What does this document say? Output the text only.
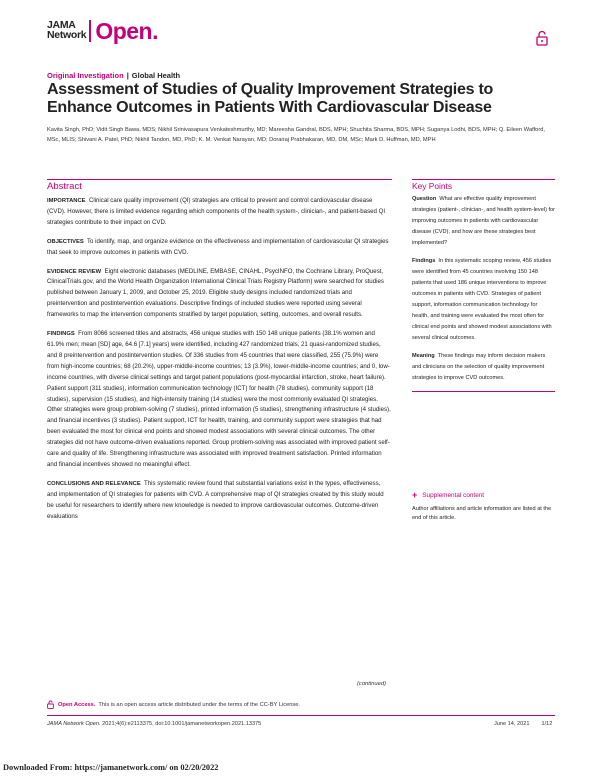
JAMA
Network Open.
Original Investigation | Global Health
Assessment of Studies of Quality Improvement Strategies to Enhance Outcomes in Patients With Cardiovascular Disease
Kavita Singh, PhD; Vidit Singh Bawa, MDS; Nikhil Srinivasapura Venkateshmurthy, MD; Mareesha Gandral, BDS, MPH; Shuchita Sharma, BDS, MPH; Suganya Lodhi, BDS, MPH; Q. Eileen Wafford, MSc, MLIS; Shivani A. Patel, PhD; Nikhil Tandon, MD, PhD; K. M. Venkat Narayan, MD; Dorairaj Prabhakaran, MD, DM, MSc; Mark D. Huffman, MD, MPH
Abstract

IMPORTANCE Clinical care quality improvement (QI) strategies are critical to prevent and control cardiovascular disease (CVD). However, there is limited evidence regarding which components of the health system-, clinician-, and patient-based QI strategies contribute to their impact on CVD.

OBJECTIVES To identify, map, and organize evidence on the effectiveness and implementation of cardiovascular QI strategies that seek to improve outcomes in patients with CVD.

EVIDENCE REVIEW Eight electronic databases (MEDLINE, EMBASE, CINAHL, PsycINFO, the Cochrane Library, ProQuest, ClinicalTrials.gov, and the World Health Organization International Clinical Trials Registry Platform) were searched for studies published between January 1, 2009, and October 25, 2019. Eligible study designs included randomized trials and preintervention and postintervention evaluations. Descriptive findings of included studies were reported using several frameworks to map the intervention components stratified by target population, setting, outcomes, and overall results.

FINDINGS From 8066 screened titles and abstracts, 456 unique studies with 150 148 unique patients (38.1% women and 61.9% men; mean [SD] age, 64.6 [7.1] years) were identified, including 427 randomized trials, 21 quasi-randomized studies, and 8 preintervention and postintervention studies. Of 336 studies from 45 countries that were classified, 255 (75.9%) were from high-income countries; 68 (20.2%), upper-middle-income countries; 13 (3.9%), lower-middle-income countries; and 0, low-income countries, with diverse clinical settings and target patient populations (post-myocardial infarction, stroke, heart failure). Patient support (311 studies), information communication technology (ICT) for health (78 studies), community support (18 studies), supervision (15 studies), and high-intensity training (14 studies) were the most commonly evaluated QI strategies. Other strategies were group problem-solving (7 studies), printed information (5 studies), strengthening infrastructure (4 studies), and financial incentives (3 studies). Patient support, ICT for health, training, and community support were strategies that had been evaluated the most for clinical end points and showed modest associations with several clinical outcomes. The other strategies did not have outcome-driven evaluations reported. Group problem-solving was associated with improved patient self-care and quality of life. Strengthening infrastructure was associated with improved treatment satisfaction. Printed information and financial incentives showed no meaningful effect.

CONCLUSIONS AND RELEVANCE This systematic review found that substantial variations exist in the types, effectiveness, and implementation of QI strategies for patients with CVD. A comprehensive map of QI strategies created by this study would be useful for researchers to identify where new knowledge is needed to improve cardiovascular outcomes. Outcome-driven evaluations

(continued)
Key Points

Question What are effective quality improvement strategies (patient-, clinician-, and health system-level) for improving outcomes in patients with cardiovascular disease (CVD), and how are these strategies best implemented?

Findings In this systematic scoping review, 456 studies were identified from 45 countries involving 150 148 patients that used 186 unique interventions to improve outcomes in patients with CVD. Strategies of patient support, information communication technology for health, and training were evaluated the most often for clinical end points and showed modest associations with several clinical outcomes.

Meaning These findings may inform decision makers and clinicians on the selection of quality improvement strategies to improve CVD outcomes.

+ Supplemental content
Author affiliations and article information are listed at the end of this article.
Open Access. This is an open access article distributed under the terms of the CC-BY License.
JAMA Network Open. 2021;4(6):e2113375. doi:10.1001/jamanetworkopen.2021.13375	June 14, 2021 1/12
Downloaded From: https://jamanetwork.com/ on 02/20/2022
